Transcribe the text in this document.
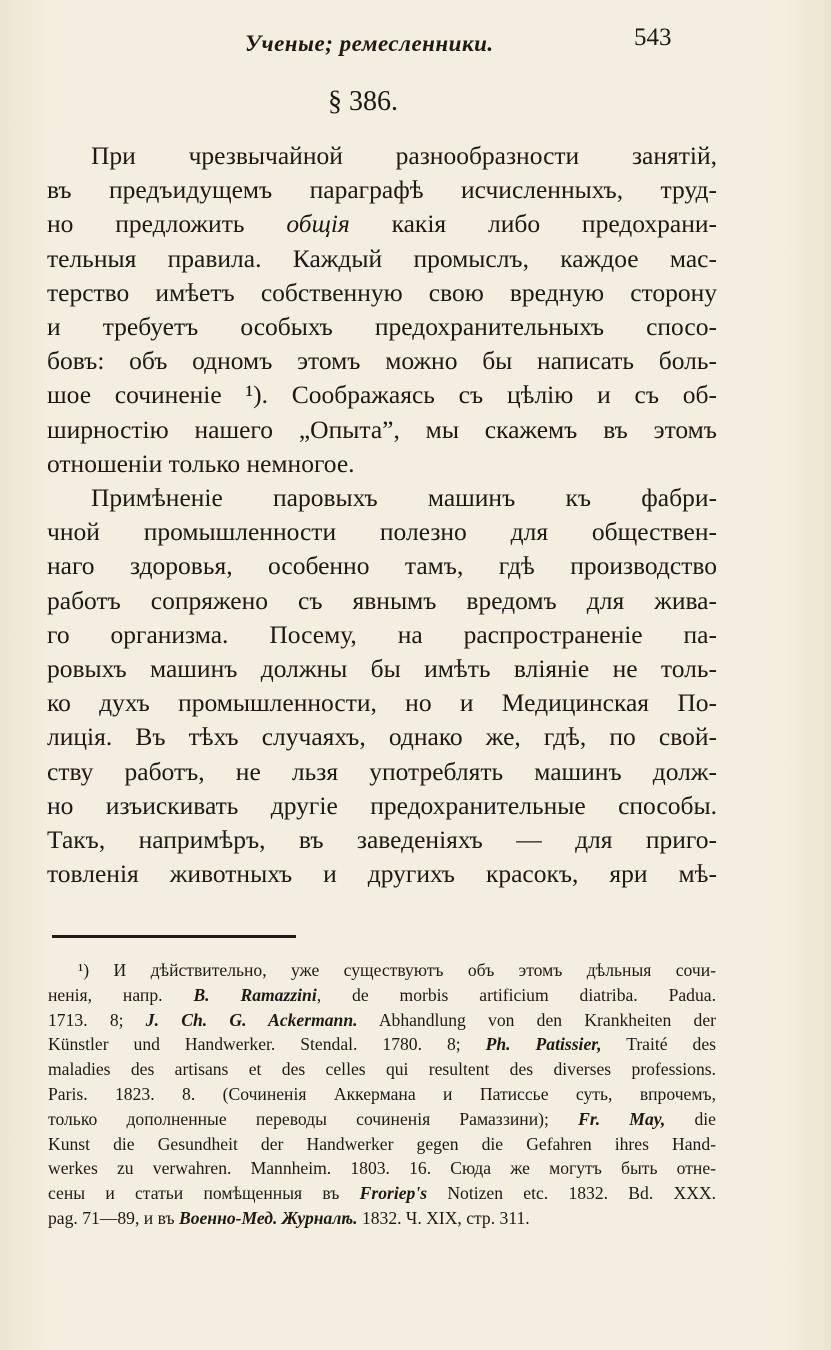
Ученые; ремесленники.	543
§ 386.
При чрезвычайной разнообразности занятій,
въ предъидущемъ параграфѣ исчисленныхъ, труд-
но предложить общія какія либо предохрани-
тельныя правила. Каждый промыслъ, каждое мас-
терство имѣетъ собственную свою вредную сторону
и требуетъ особыхъ предохранительныхъ спосо-
бовъ: объ одномъ этомъ можно бы написать боль-
шое сочиненіе ¹). Соображаясь съ цѣлію и съ об-
ширностію нашего „Опыта”, мы скажемъ въ этомъ
отношеніи только немногое.
Примѣненіе паровыхъ машинъ къ фабри-
чной промышленности полезно для обществен-
наго здоровья, особенно тамъ, гдѣ производство
работъ сопряжено съ явнымъ вредомъ для жива-
го организма. Посему, на распространеніе па-
ровыхъ машинъ должны бы имѣть вліяніе не толь-
ко духъ промышленности, но и Медицинская По-
лиція. Въ тѣхъ случаяхъ, однако же, гдѣ, по свой-
ству работъ, не льзя употреблять машинъ долж-
но изъискивать другіе предохранительные способы.
Такъ, напримѣръ, въ заведеніяхъ — для приго-
товленія животныхъ и другихъ красокъ, яри мѣ-
¹) И дѣйствительно, уже существуютъ объ этомъ дѣльныя сочи-
ненія, напр. B. Ramazzini, de morbis artificium diatriba. Padua.
1713. 8; J. Ch. G. Ackermann. Abhandlung von den Krankheiten der
Künstler und Handwerker. Stendal. 1780. 8; Ph. Patissier, Traité des
maladies des artisans et des celles qui resultent des diverses professions.
Paris. 1823. 8. (Сочиненія Аккермана и Патиссье суть, впрочемъ,
только дополненные переводы сочиненія Рамаззини); Fr. May, die
Kunst die Gesundheit der Handwerker gegen die Gefahren ihres Hand-
werkes zu verwahren. Mannheim. 1803. 16. Сюда же могутъ быть отне-
сены и статьи помѣщенныя въ Froriep's Notizen etc. 1832. Bd. XXX.
pag. 71—89, и въ Военно-Мед. Журналѣ. 1832. Ч. XIX, стр. 311.
